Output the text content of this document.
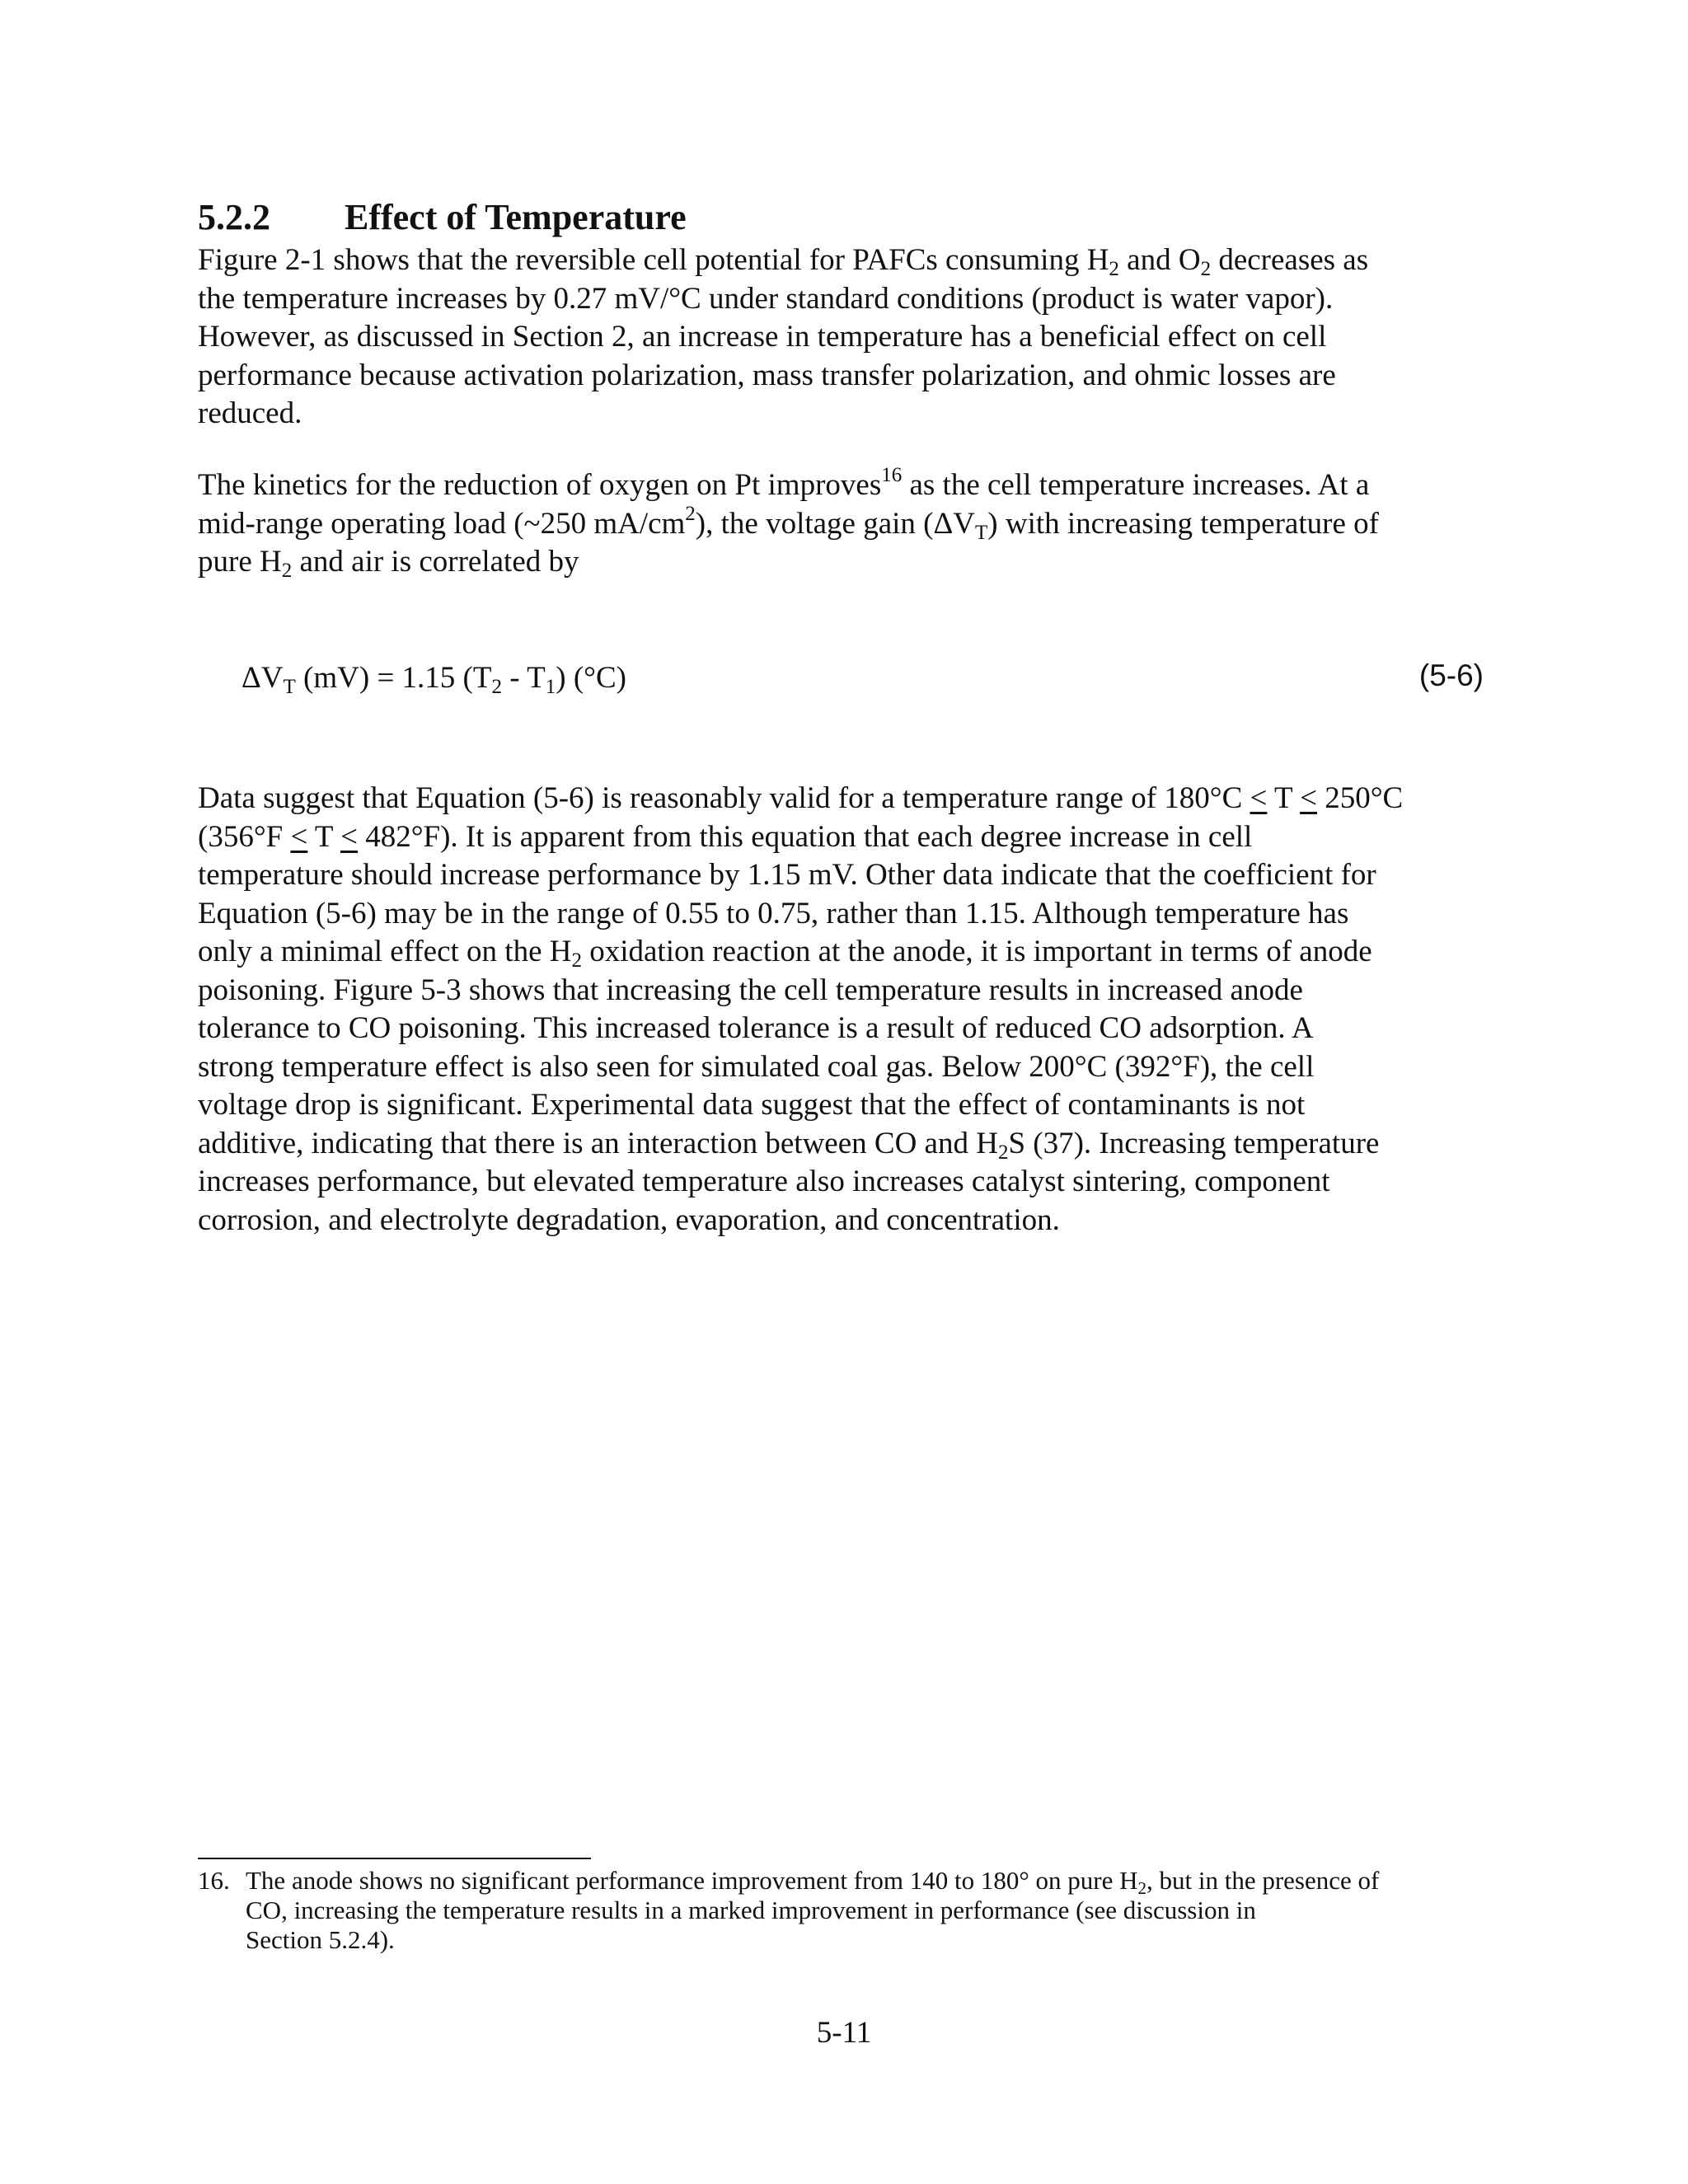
5.2.2 Effect of Temperature
Figure 2-1 shows that the reversible cell potential for PAFCs consuming $H_2$ and $O_2$ decreases as
the temperature increases by 0.27 mV/°C under standard conditions (product is water vapor).
However, as discussed in Section 2, an increase in temperature has a beneficial effect on cell
performance because activation polarization, mass transfer polarization, and ohmic losses are
reduced.
The kinetics for the reduction of oxygen on Pt improves$^{16}$ as the cell temperature increases. At a
mid-range operating load (~250 $mA/cm^2$), the voltage gain $(\Delta V_T)$ with increasing temperature of
pure $H_2$ and air is correlated by
$\Delta V_T$ (mV) = 1.15 $(T_2 - T_1)$ (°C)	(5-6)
Data suggest that Equation (5-6) is reasonably valid for a temperature range of 180°C ≤ T ≤ 250°C
(356°F ≤ T ≤ 482°F). It is apparent from this equation that each degree increase in cell
temperature should increase performance by 1.15 mV. Other data indicate that the coefficient for
Equation (5-6) may be in the range of 0.55 to 0.75, rather than 1.15. Although temperature has
only a minimal effect on the $H_2$ oxidation reaction at the anode, it is important in terms of anode
poisoning. Figure 5-3 shows that increasing the cell temperature results in increased anode
tolerance to CO poisoning. This increased tolerance is a result of reduced CO adsorption. A
strong temperature effect is also seen for simulated coal gas. Below 200°C (392°F), the cell
voltage drop is significant. Experimental data suggest that the effect of contaminants is not
additive, indicating that there is an interaction between CO and $H_2S$ (37). Increasing temperature
increases performance, but elevated temperature also increases catalyst sintering, component
corrosion, and electrolyte degradation, evaporation, and concentration.
16. The anode shows no significant performance improvement from 140 to 180° on pure $H_2$, but in the presence of
CO, increasing the temperature results in a marked improvement in performance (see discussion in
Section 5.2.4).
5-11
